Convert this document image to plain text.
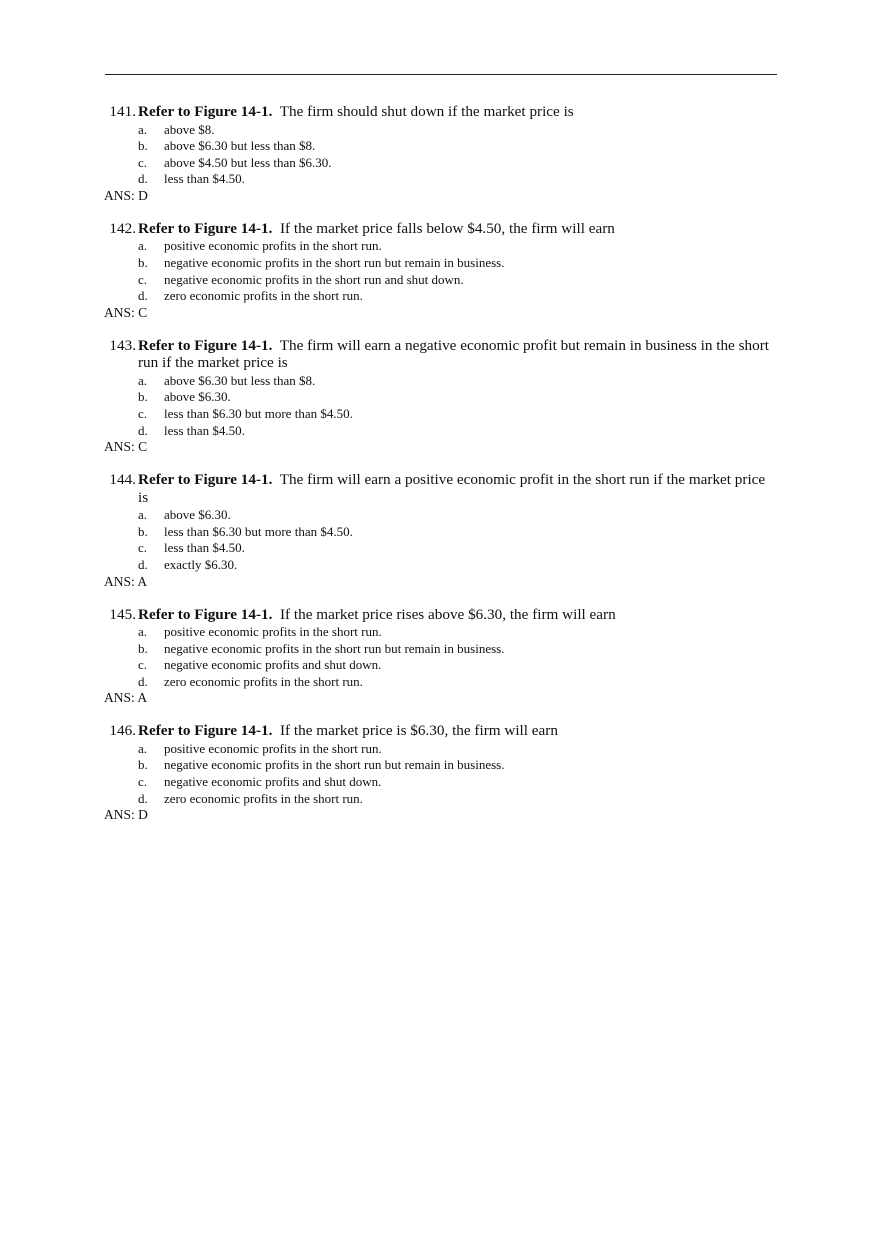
141. Refer to Figure 14-1. The firm should shut down if the market price is
a.	above $8.
b.	above $6.30 but less than $8.
c.	above $4.50 but less than $6.30.
d.	less than $4.50.
ANS: D
142. Refer to Figure 14-1. If the market price falls below $4.50, the firm will earn
a.	positive economic profits in the short run.
b.	negative economic profits in the short run but remain in business.
c.	negative economic profits in the short run and shut down.
d.	zero economic profits in the short run.
ANS: C
143. Refer to Figure 14-1. The firm will earn a negative economic profit but remain in business in the short run if the market price is
a.	above $6.30 but less than $8.
b.	above $6.30.
c.	less than $6.30 but more than $4.50.
d.	less than $4.50.
ANS: C
144. Refer to Figure 14-1. The firm will earn a positive economic profit in the short run if the market price is
a.	above $6.30.
b.	less than $6.30 but more than $4.50.
c.	less than $4.50.
d.	exactly $6.30.
ANS: A
145. Refer to Figure 14-1. If the market price rises above $6.30, the firm will earn
a.	positive economic profits in the short run.
b.	negative economic profits in the short run but remain in business.
c.	negative economic profits and shut down.
d.	zero economic profits in the short run.
ANS: A
146. Refer to Figure 14-1. If the market price is $6.30, the firm will earn
a.	positive economic profits in the short run.
b.	negative economic profits in the short run but remain in business.
c.	negative economic profits and shut down.
d.	zero economic profits in the short run.
ANS: D
